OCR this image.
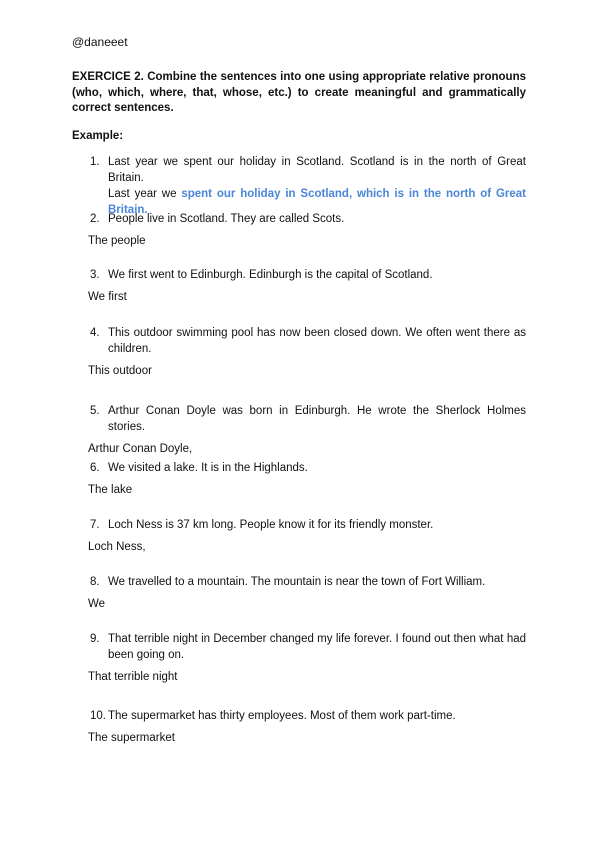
@daneeet
EXERCICE 2. Combine the sentences into one using appropriate relative pronouns (who, which, where, that, whose, etc.) to create meaningful and grammatically correct sentences.
Example:
1. Last year we spent our holiday in Scotland. Scotland is in the north of Great Britain.
Last year we spent our holiday in Scotland, which is in the north of Great Britain.
2. People live in Scotland. They are called Scots.
The people
3. We first went to Edinburgh. Edinburgh is the capital of Scotland.
We first
4. This outdoor swimming pool has now been closed down. We often went there as children.
This outdoor
5. Arthur Conan Doyle was born in Edinburgh. He wrote the Sherlock Holmes stories.
Arthur Conan Doyle,
6. We visited a lake. It is in the Highlands.
The lake
7. Loch Ness is 37 km long. People know it for its friendly monster.
Loch Ness,
8. We travelled to a mountain. The mountain is near the town of Fort William.
We
9. That terrible night in December changed my life forever. I found out then what had been going on.
That terrible night
10. The supermarket has thirty employees. Most of them work part-time.
The supermarket
